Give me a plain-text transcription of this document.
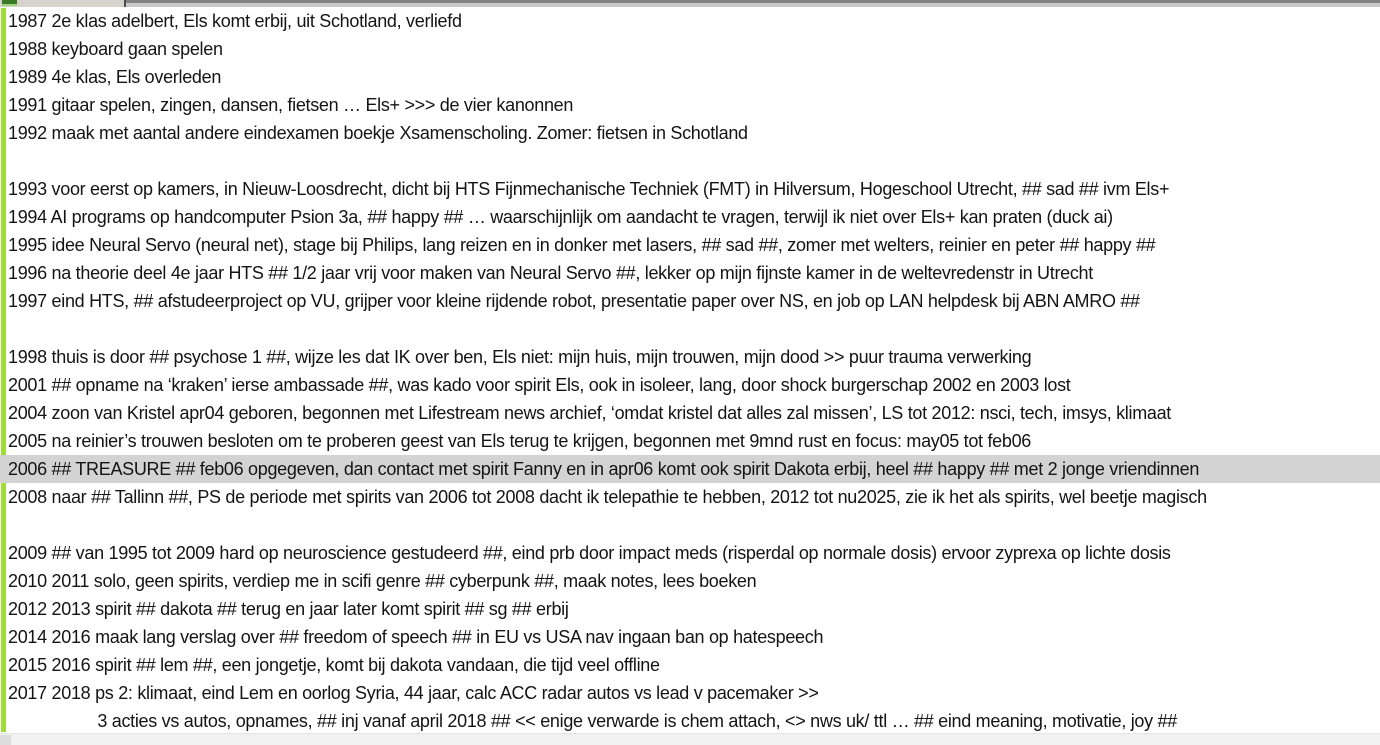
1987 2e klas adelbert, Els komt erbij, uit Schotland, verliefd
1988 keyboard gaan spelen
1989 4e klas, Els overleden
1991 gitaar spelen, zingen, dansen, fietsen … Els+ >>> de vier kanonnen
1992 maak met aantal andere eindexamen boekje Xsamenscholing. Zomer: fietsen in Schotland
1993 voor eerst op kamers, in Nieuw-Loosdrecht, dicht bij HTS Fijnmechanische Techniek (FMT) in Hilversum, Hogeschool Utrecht, ## sad ## ivm Els+
1994 AI programs op handcomputer Psion 3a, ## happy ## … waarschijnlijk om aandacht te vragen, terwijl ik niet over Els+ kan praten (duck ai)
1995 idee Neural Servo (neural net), stage bij Philips, lang reizen en in donker met lasers, ## sad ##, zomer met welters, reinier en peter ## happy ##
1996 na theorie deel 4e jaar HTS ## 1/2 jaar vrij voor maken van Neural Servo ##, lekker op mijn fijnste kamer in de weltevredenstr in Utrecht
1997 eind HTS, ## afstudeerproject op VU, grijper voor kleine rijdende robot, presentatie paper over NS, en job op LAN helpdesk bij ABN AMRO ##
1998 thuis is door ## psychose 1 ##, wijze les dat IK over ben, Els niet: mijn huis, mijn trouwen, mijn dood >> puur trauma verwerking
2001 ## opname na ‘kraken’ ierse ambassade ##, was kado voor spirit Els, ook in isoleer, lang, door shock burgerschap 2002 en 2003 lost
2004 zoon van Kristel apr04 geboren, begonnen met Lifestream news archief, ‘omdat kristel dat alles zal missen’, LS tot 2012: nsci, tech, imsys, klimaat
2005 na reinier’s trouwen besloten om te proberen geest van Els terug te krijgen, begonnen met 9mnd rust en focus: may05 tot feb06
2006 ## TREASURE ## feb06 opgegeven, dan contact met spirit Fanny en in apr06 komt ook spirit Dakota erbij, heel ## happy ## met 2 jonge vriendinnen
2008 naar ## Tallinn ##, PS de periode met spirits van 2006 tot 2008 dacht ik telepathie te hebben, 2012 tot nu2025, zie ik het als spirits, wel beetje magisch
2009 ## van 1995 tot 2009 hard op neuroscience gestudeerd ##, eind prb door impact meds (risperdal op normale dosis) ervoor zyprexa op lichte dosis
2010 2011 solo, geen spirits, verdiep me in scifi genre ## cyberpunk ##, maak notes, lees boeken
2012 2013 spirit ## dakota ## terug en jaar later komt spirit ## sg ## erbij
2014 2016 maak lang verslag over ## freedom of speech ## in EU vs USA nav ingaan ban op hatespeech
2015 2016 spirit ## lem ##, een jongetje, komt bij dakota vandaan, die tijd veel offline
2017 2018 ps 2: klimaat, eind Lem en oorlog Syria, 44 jaar, calc ACC radar autos vs lead v pacemaker >>
3 acties vs autos, opnames, ## inj vanaf april 2018 ## << enige verwarde is chem attach, <> nws uk/ ttl … ## eind meaning, motivatie, joy ##
